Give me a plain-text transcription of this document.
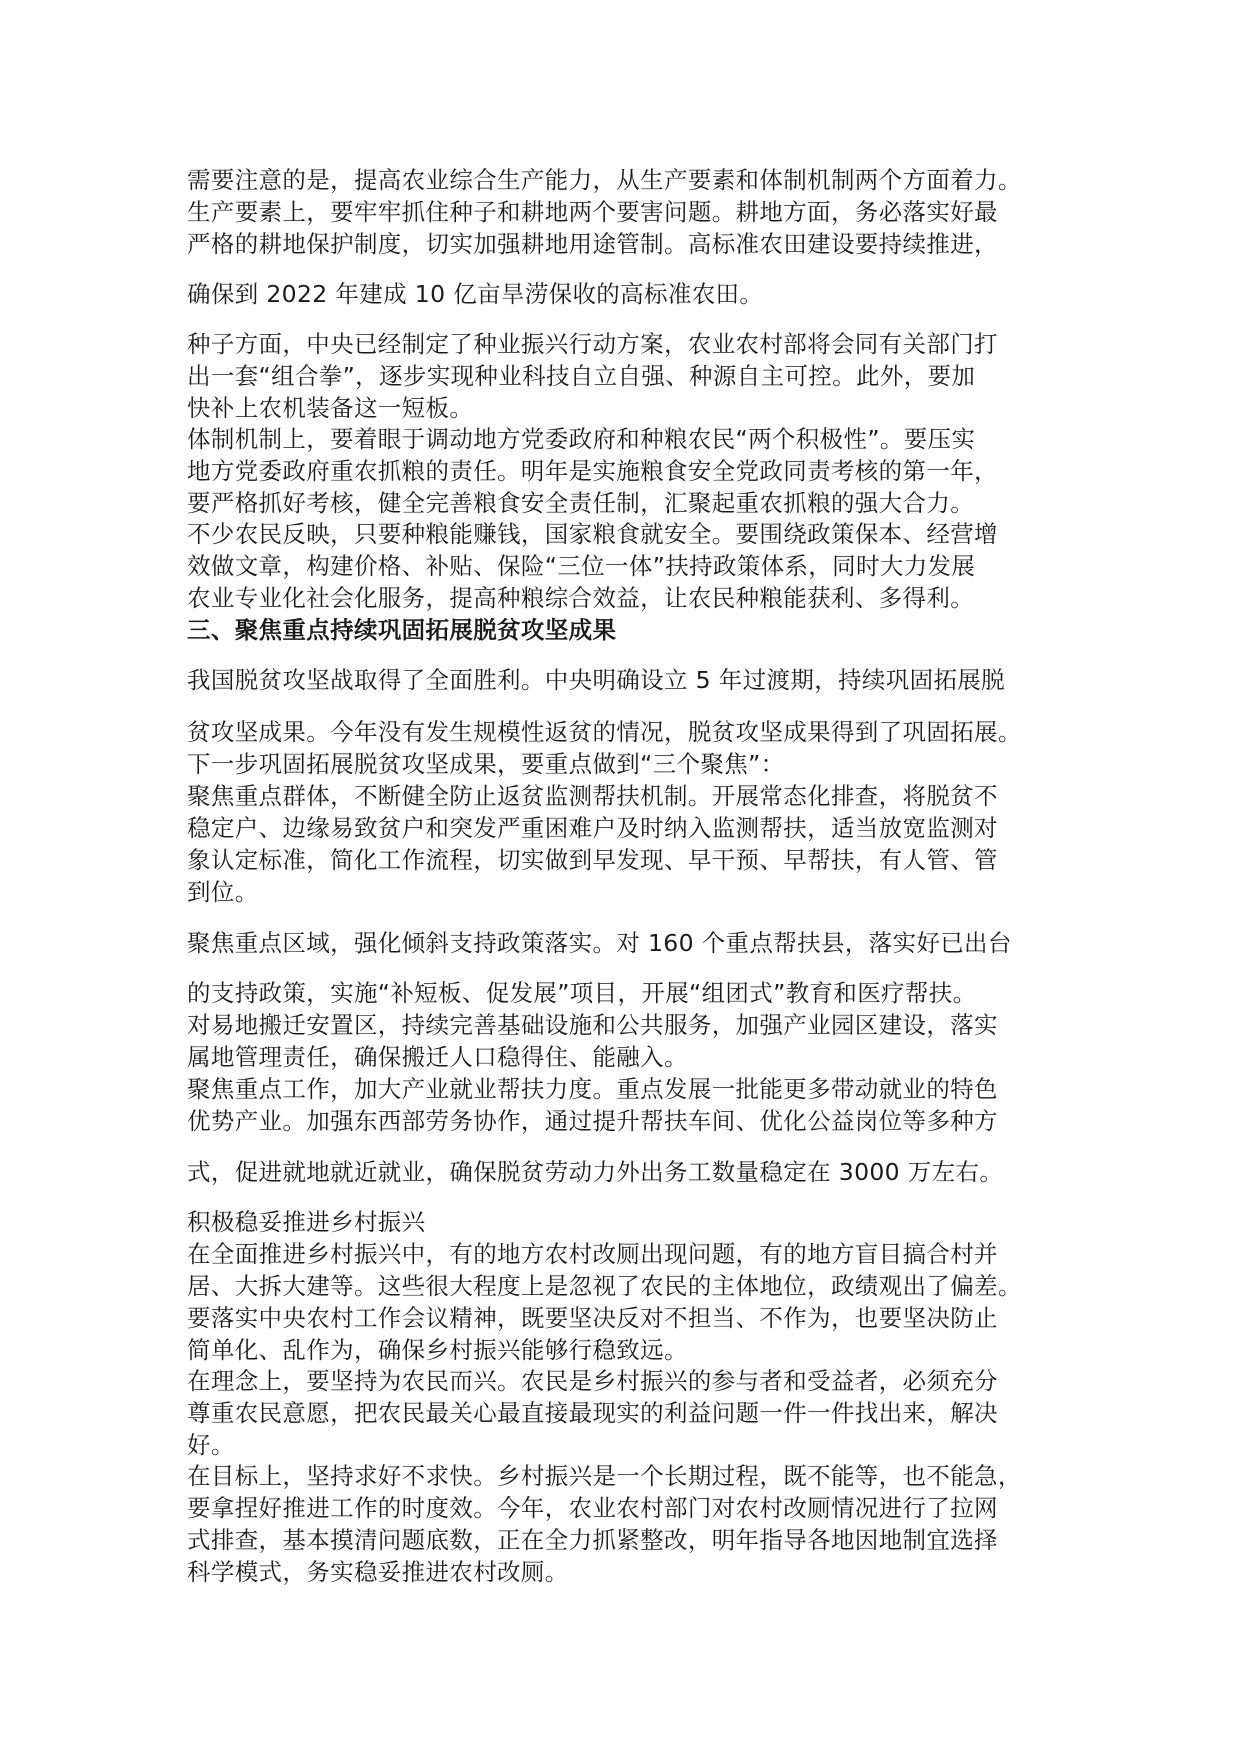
需要注意的是，提高农业综合生产能力，从生产要素和体制机制两个方面着力。

生产要素上，要牢牢抓住种子和耕地两个要害问题。耕地方面，务必落实好最

严格的耕地保护制度，切实加强耕地用途管制。高标准农田建设要持续推进，

确保到 2022 年建成 10 亿亩旱涝保收的高标准农田。

种子方面，中央已经制定了种业振兴行动方案，农业农村部将会同有关部门打

出一套“组合拳”，逐步实现种业科技自立自强、种源自主可控。此外，要加

快补上农机装备这一短板。

体制机制上，要着眼于调动地方党委政府和种粮农民“两个积极性”。要压实

地方党委政府重农抓粮的责任。明年是实施粮食安全党政同责考核的第一年，

要严格抓好考核，健全完善粮食安全责任制，汇聚起重农抓粮的强大合力。

不少农民反映，只要种粮能赚钱，国家粮食就安全。要围绕政策保本、经营增

效做文章，构建价格、补贴、保险“三位一体”扶持政策体系，同时大力发展

农业专业化社会化服务，提高种粮综合效益，让农民种粮能获利、多得利。

三、聚焦重点持续巩固拓展脱贫攻坚成果

我国脱贫攻坚战取得了全面胜利。中央明确设立 5 年过渡期，持续巩固拓展脱

贫攻坚成果。今年没有发生规模性返贫的情况，脱贫攻坚成果得到了巩固拓展。

下一步巩固拓展脱贫攻坚成果，要重点做到“三个聚焦”：

聚焦重点群体，不断健全防止返贫监测帮扶机制。开展常态化排查，将脱贫不

稳定户、边缘易致贫户和突发严重困难户及时纳入监测帮扶，适当放宽监测对

象认定标准，简化工作流程，切实做到早发现、早干预、早帮扶，有人管、管

到位。

聚焦重点区域，强化倾斜支持政策落实。对 160 个重点帮扶县，落实好已出台

的支持政策，实施“补短板、促发展”项目，开展“组团式”教育和医疗帮扶。

对易地搬迁安置区，持续完善基础设施和公共服务，加强产业园区建设，落实

属地管理责任，确保搬迁人口稳得住、能融入。

聚焦重点工作，加大产业就业帮扶力度。重点发展一批能更多带动就业的特色

优势产业。加强东西部劳务协作，通过提升帮扶车间、优化公益岗位等多种方

式，促进就地就近就业，确保脱贫劳动力外出务工数量稳定在 3000 万左右。

积极稳妥推进乡村振兴

在全面推进乡村振兴中，有的地方农村改厕出现问题，有的地方盲目搞合村并

居、大拆大建等。这些很大程度上是忽视了农民的主体地位，政绩观出了偏差。

要落实中央农村工作会议精神，既要坚决反对不担当、不作为，也要坚决防止

简单化、乱作为，确保乡村振兴能够行稳致远。

在理念上，要坚持为农民而兴。农民是乡村振兴的参与者和受益者，必须充分

尊重农民意愿，把农民最关心最直接最现实的利益问题一件一件找出来，解决

好。

在目标上，坚持求好不求快。乡村振兴是一个长期过程，既不能等，也不能急，

要拿捏好推进工作的时度效。今年，农业农村部门对农村改厕情况进行了拉网

式排查，基本摸清问题底数，正在全力抓紧整改，明年指导各地因地制宜选择

科学模式，务实稳妥推进农村改厕。
